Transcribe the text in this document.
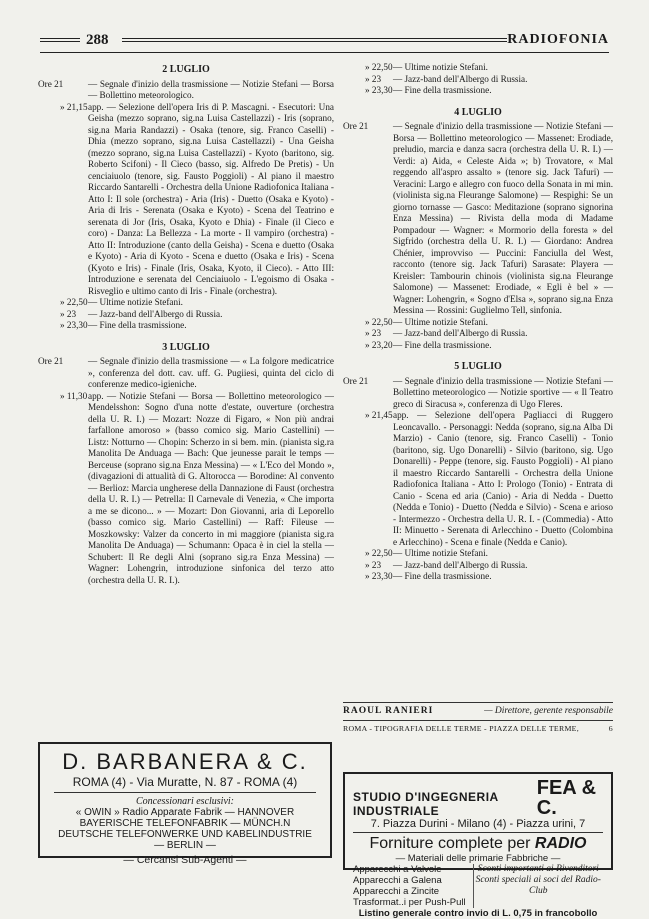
288	RADIOFONIA
2 LUGLIO
Ore 21	— Segnale d'inizio della trasmissione — Notizie Stefani — Borsa — Bollettino meteorologico.
» 21,15 app. — Selezione dell'opera Iris di P. Mascagni. - Esecutori: Una Geisha (mezzo soprano, sig.na Luisa Castellazzi) - Iris (soprano, sig.na Maria Randazzi) - Osaka (tenore, sig. Franco Caselli) - Dhia (mezzo soprano, sig.na Luisa Castellazzi) - Una Geisha (mezzo soprano, sig.na Luisa Castellazzi) - Kyoto (baritono, sig. Roberto Scifoni) - Il Cieco (basso, sig. Alfredo De Pretis) - Un cenciaiuolo (tenore, sig. Fausto Poggioli) - Al piano il maestro Riccardo Santarelli - Orchestra della Unione Radiofonica Italiana - Atto I: Il sole (orchestra) - Aria (Iris) - Duetto (Osaka e Kyoto) - Aria di Iris - Serenata (Osaka e Kyoto) - Scena del Teatrino e serenata di Jor (Iris, Osaka, Kyoto e Dhia) - Finale (il Cieco e coro) - Danza: La Bellezza - La morte - Il vampiro (orchestra) - Atto II: Introduzione (canto della Geisha) - Scena e duetto (Osaka e Kyoto) - Aria di Kyoto - Scena e duetto (Osaka e Iris) - Scena (Kyoto e Iris) - Finale (Iris, Osaka, Kyoto, il Cieco). - Atto III: Introduzione e serenata del Cenciaiuolo - L'egoismo di Osaka - Risveglio e ultimo canto di Iris - Finale (orchestra).
» 22,50 — Ultime notizie Stefani.
» 23 — Jazz-band dell'Albergo di Russia.
» 23,30 — Fine della trasmissione.
3 LUGLIO
Ore 21	— Segnale d'inizio della trasmissione — « La folgore medicatrice », conferenza del dott. cav. uff. G. Pugiiesi, quinta del ciclo di conferenze medico-igieniche.
» 11,30 app. — Notizie Stefani — Borsa — Bollettino meteorologico — Mendelsshon: Sogno d'una notte d'estate, ouverture (orchestra della U. R. I.) — Mozart: Nozze di Figaro, « Non più andrai farfallone amoroso » (basso comico sig. Mario Castellini) — Listz: Notturno — Chopin: Scherzo in si bem. min. (pianista sig.ra Manolita De Anduaga — Bach: Que jeunesse parait le temps — Berceuse (soprano sig.na Enza Messina) — « L'Eco del Mondo », (divagazioni di attualità di G. Altorocca — Borodine: Al convento — Berlioz: Marcia ungherese della Dannazione di Faust (orchestra della U. R. I.) — Petrella: Il Carnevale di Venezia, « Che importa a me se dicono... » — Mozart: Don Giovanni, aria di Leporello (basso comico sig. Mario Castellini) — Raff: Fileuse — Moszkowsky: Valzer da concerto in mi maggiore (pianista sig.ra Manolita De Anduaga) — Schumann: Opaca è in ciel la stella — Schubert: Il Re degli Alni (soprano sig.ra Enza Messina) — Wagner: Lohengrin, introduzione sinfonica del terzo atto (orchestra della U. R. I.).
» 22,50 — Ultime notizie Stefani.
» 23 — Jazz-band dell'Albergo di Russia.
» 23,30 — Fine della trasmissione.
4 LUGLIO
Ore 21	— Segnale d'inizio della trasmissione — Notizie Stefani — Borsa — Bollettino meteorologico — Massenet: Erodiade, preludio, marcia e danza sacra (orchestra della U. R. I.) — Verdi: a) Aida, « Celeste Aida »; b) Trovatore, « Mal reggendo all'aspro assalto » (tenore sig. Jack Tafuri) — Veracini: Largo e allegro con fuoco della Sonata in mi min. (violinista sig.na Fleurange Salomone) — Respighi: Se un giorno tornasse — Gasco: Meditazione (soprano signorina Enza Messina) — Rivista della moda di Madame Pompadour — Wagner: « Mormorio della foresta » del Sigfrido (orchestra della U. R. I.) — Giordano: Andrea Chénier, improvviso — Puccini: Fanciulla del West, racconto (tenore sig. Jack Tafuri) Sarasate: Playera — Kreisler: Tambourin chinois (violinista sig.na Fleurange Salomone) — Massenet: Erodiade, « Egli è bel » — Wagner: Lohengrin, « Sogno d'Elsa », soprano sig.na Enza Messina — Rossini: Guglielmo Tell, sinfonia.
» 22,50 — Ultime notizie Stefani.
» 23 — Jazz-band dell'Albergo di Russia.
» 23,20 — Fine della trasmissione.
5 LUGLIO
Ore 21	— Segnale d'inizio della trasmissione — Notizie Stefani — Bollettino meteorologico — Notizie sportive — « Il Teatro greco di Siracusa », conferenza di Ugo Fleres.
» 21,45 app. — Selezione dell'opera Pagliacci di Ruggero Leoncavallo. - Personaggi: Nedda (soprano, sig.na Alba Di Marzio) - Canio (tenore, sig. Franco Caselli) - Tonio (baritono, sig. Ugo Donarelli) - Silvio (baritono, sig. Ugo Donarelli) - Peppe (tenore, sig. Fausto Poggioli) - Al piano il maestro Riccardo Santarelli - Orchestra della Unione Radiofonica Italiana - Atto I: Prologo (Tonio) - Entrata di Canio - Scena ed aria (Canio) - Aria di Nedda - Duetto (Nedda e Tonio) - Duetto (Nedda e Silvio) - Scena e arioso - Intermezzo - Orchestra della U. R. I. - (Commedia) - Atto II: Minuetto - Serenata di Arlecchino - Duetto (Colombina e Arlecchino) - Scena e finale (Nedda e Canio).
» 22,50 — Ultime notizie Stefani.
» 23 — Jazz-band dell'Albergo di Russia.
» 23,30 — Fine della trasmissione.
RAOUL RANIERI	— Direttore, gerente responsabile
ROMA - TIPOGRAFIA DELLE TERME - PIAZZA DELLE TERME,	6
D. BARBANERA & C.
ROMA (4) - Via Muratte, N. 87 - ROMA (4)
Concessionari esclusivi:
« OWIN » Radio Apparate Fabrik — HANNOVER
BAYERISCHE TELEFONFABRIK — MÜNCH.N
DEUTSCHE TELEFONWERKE UND KABELINDUSTRIE
— BERLIN —
— Cercansi Sub-Agenti —
STUDIO D'INGEGNERIA INDUSTRIALE
FEA & C.
7. Piazza Durini - Milano (4) - Piazza urini, 7
Forniture complete per RADIO
— Materiali delle primarie Fabbriche —
Apparecchi a Valvole
Apparecchi a Galena
Apparecchi a Zincite
Trasformat..i per Push-Pull
Sconti importanti ai Rivenditori
Sconti speciali ai soci del Radio-Club
Listino generale contro invio di L. 0,75 in francobollo
